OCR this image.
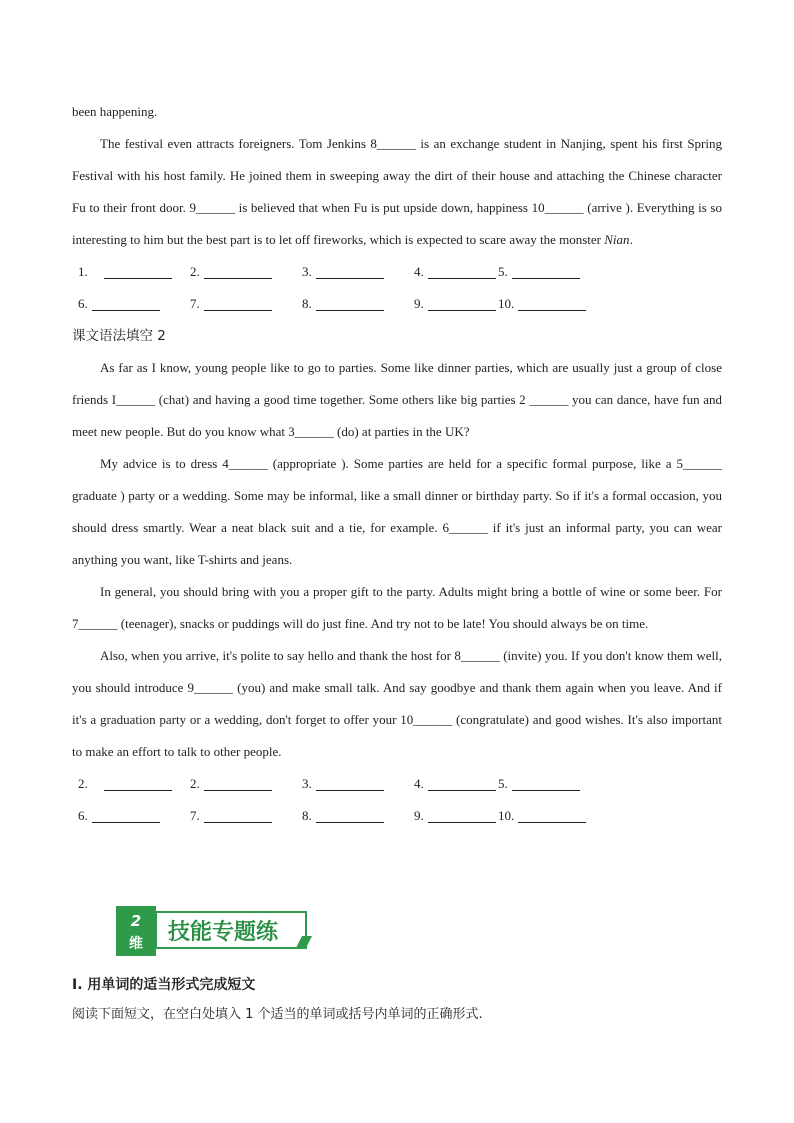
been happening.

The festival even attracts foreigners. Tom Jenkins 8______ is an exchange student in Nanjing, spent his first Spring Festival with his host family. He joined them in sweeping away the dirt of their house and attaching the Chinese character Fu to their front door. 9______ is believed that when Fu is put upside down, happiness 10______ (arrive ). Everything is so interesting to him but the best part is to let off fireworks, which is expected to scare away the monster Nian.

1.	2.	3.	4.	5.
6.	7.	8.	9.	10.

课文语法填空 2

As far as I know, young people like to go to parties. Some like dinner parties, which are usually just a group of close friends I______ (chat) and having a good time together. Some others like big parties 2 ______ you can dance, have fun and meet new people. But do you know what 3______ (do) at parties in the UK?

My advice is to dress 4______ (appropriate ). Some parties are held for a specific formal purpose, like a 5______ graduate ) party or a wedding. Some may be informal, like a small dinner or birthday party. So if it's a formal occasion, you should dress smartly. Wear a neat black suit and a tie, for example. 6______ if it's just an informal party, you can wear anything you want, like T-shirts and jeans.

In general, you should bring with you a proper gift to the party. Adults might bring a bottle of wine or some beer. For 7______ (teenager), snacks or puddings will do just fine. And try not to be late! You should always be on time.

Also, when you arrive, it's polite to say hello and thank the host for 8______ (invite) you. If you don't know them well, you should introduce 9______ (you) and make small talk. And say goodbye and thank them again when you leave. And if it's a graduation party or a wedding, don't forget to offer your 10______ (congratulate) and good wishes. It's also important to make an effort to talk to other people.

2.	2.	3.	4.	5.
6.	7.	8.	9.	10.
2
维 技能专题练
I. 用单词的适当形式完成短文
阅读下面短文，在空白处填入 1 个适当的单词或括号内单词的正确形式.
